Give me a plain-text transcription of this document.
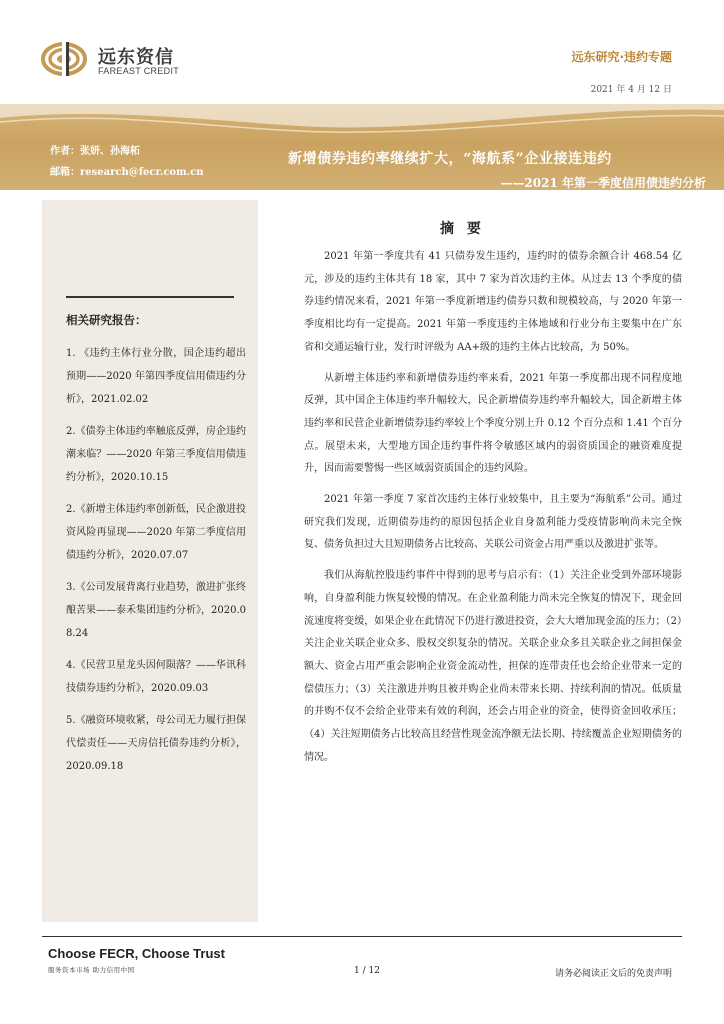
远东资信
FAREAST CREDIT
远东研究·违约专题
2021 年 4 月 12 日
作者：张妍、孙海柘
邮箱：research@fecr.com.cn
新增债券违约率继续扩大，“海航系”企业接连违约
——2021 年第一季度信用债违约分析
相关研究报告：
1. 《违约主体行业分散，国企违约超出预期——2020 年第四季度信用债违约分析》，2021.02.02
2.《债券主体违约率触底反弹，房企违约潮来临？——2020 年第三季度信用债违约分析》，2020.10.15
2.《新增主体违约率创新低，民企激进投资风险再显现——2020 年第二季度信用债违约分析》，2020.07.07
3.《公司发展背离行业趋势，激进扩张终酿苦果——泰禾集团违约分析》，2020.08.24
4.《民营卫星龙头因何陨落？——华讯科技债券违约分析》，2020.09.03
5.《融资环境收紧，母公司无力履行担保代偿责任——天房信托债券违约分析》，2020.09.18
摘 要

2021 年第一季度共有 41 只债券发生违约，违约时的债券余额合计 468.54 亿元，涉及的违约主体共有 18 家，其中 7 家为首次违约主体。从过去 13 个季度的债券违约情况来看，2021 年第一季度新增违约债券只数和规模较高，与 2020 年第一季度相比均有一定提高。2021 年第一季度违约主体地域和行业分布主要集中在广东省和交通运输行业，发行时评级为 AA+级的违约主体占比较高，为 50%。

从新增主体违约率和新增债券违约率来看，2021 年第一季度都出现不同程度地反弹，其中国企主体违约率升幅较大，民企新增债券违约率升幅较大，国企新增主体违约率和民营企业新增债券违约率较上个季度分别上升 0.12 个百分点和 1.41 个百分点。展望未来，大型地方国企违约事件将令敏感区域内的弱资质国企的融资难度提升，因而需要警惕一些区域弱资质国企的违约风险。

2021 年第一季度 7 家首次违约主体行业较集中，且主要为“海航系”公司。通过研究我们发现，近期债券违约的原因包括企业自身盈利能力受疫情影响尚未完全恢复、债务负担过大且短期债务占比较高、关联公司资金占用严重以及激进扩张等。

我们从海航控股违约事件中得到的思考与启示有：（1）关注企业受到外部环境影响，自身盈利能力恢复较慢的情况。在企业盈利能力尚未完全恢复的情况下，现金回流速度将变缓，如果企业在此情况下仍进行激进投资，会大大增加现金流的压力；（2）关注企业关联企业众多、股权交织复杂的情况。关联企业众多且关联企业之间担保金额大、资金占用严重会影响企业资金流动性，担保的连带责任也会给企业带来一定的偿债压力；（3）关注激进并购且被并购企业尚未带来长期、持续利润的情况。低质量的并购不仅不会给企业带来有效的利润，还会占用企业的资金，使得资金回收承压；（4）关注短期债务占比较高且经营性现金流净额无法长期、持续覆盖企业短期债务的情况。

Choose FECR, Choose Trust
服务资本市场 助力信用中国	1 / 12	请务必阅读正文后的免责声明
